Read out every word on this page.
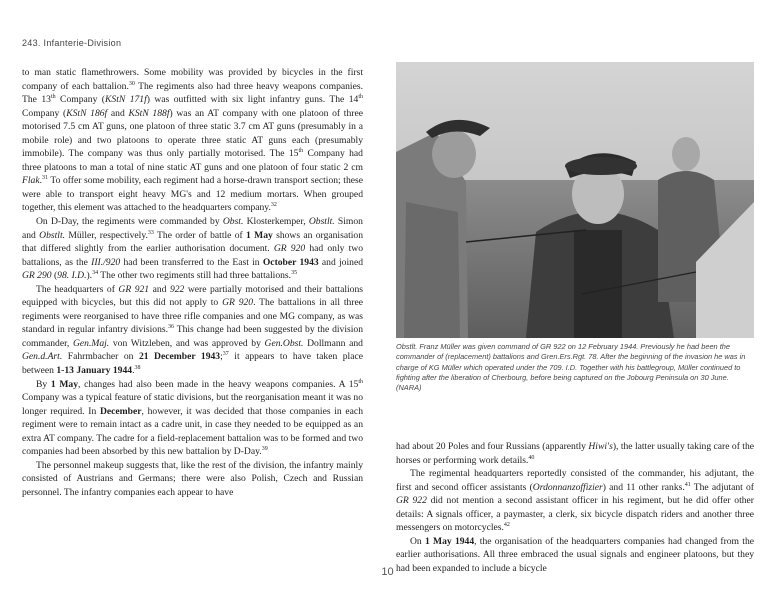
243. Infanterie-Division

to man static flamethrowers. Some mobility was provided by bicycles in the first company of each battalion.$^{30}$ The regiments also had three heavy weapons companies. The 13th Company (KStN 171f) was outfitted with six light infantry guns. The 14th Company (KStN 186f and KStN 188f) was an AT company with one platoon of three motorised 7.5 cm AT guns, one platoon of three static 3.7 cm AT guns (presumably in a mobile role) and two platoons to operate three static AT guns each (presumably immobile). The company was thus only partially motorised. The 15th Company had three platoons to man a total of nine static AT guns and one platoon of four static 2 cm Flak.$^{31}$ To offer some mobility, each regiment had a horse-drawn transport section; these were able to transport eight heavy MG's and 12 medium mortars. When grouped together, this element was attached to the headquarters company.$^{32}$

On D-Day, the regiments were commanded by Obst. Klosterkemper, Obstlt. Simon and Obstlt. Müller, respectively.$^{33}$ The order of battle of 1 May shows an organisation that differed slightly from the earlier authorisation document. GR 920 had only two battalions, as the III./920 had been transferred to the East in October 1943 and joined GR 290 (98. I.D.).$^{34}$ The other two regiments still had three battalions.$^{35}$

The headquarters of GR 921 and 922 were partially motorised and their battalions equipped with bicycles, but this did not apply to GR 920. The battalions in all three regiments were reorganised to have three rifle companies and one MG company, as was standard in regular infantry divisions.$^{36}$ This change had been suggested by the division commander, Gen.Maj. von Witzleben, and was approved by Gen.Obst. Dollmann and Gen.d.Art. Fahrmbacher on 21 December 1943;$^{37}$ it appears to have taken place between 1-13 January 1944.38

By 1 May, changes had also been made in the heavy weapons companies. A 15th Company was a typical feature of static divisions, but the reorganisation meant it was no longer required. In December, however, it was decided that those companies in each regiment were to remain intact as a cadre unit, in case they needed to be equipped as an extra AT company. The cadre for a field-replacement battalion was to be formed and two companies had been absorbed by this new battalion by D-Day.$^{39}$

The personnel makeup suggests that, like the rest of the division, the infantry mainly consisted of Austrians and Germans; there were also Polish, Czech and Russian personnel. The infantry companies each appear to have

Obstlt. Franz Müller was given command of GR 922 on 12 February 1944. Previously he had been the commander of (replacement) battalions and Gren.Ers.Rgt. 78. After the beginning of the invasion he was in charge of KG Müller which operated under the 709. I.D. Together with his battlegroup, Müller continued to fighting after the liberation of Cherbourg, before being captured on the Jobourg Peninsula on 30 June. (NARA)

had about 20 Poles and four Russians (apparently Hiwi's), the latter usually taking care of the horses or performing work details.$^{40}$

The regimental headquarters reportedly consisted of the commander, his adjutant, the first and second officer assistants (Ordonnanzoffizier) and 11 other ranks.$^{41}$ The adjutant of GR 922 did not mention a second assistant officer in his regiment, but he did offer other details: A signals officer, a paymaster, a clerk, six bicycle dispatch riders and another three messengers on motorcycles.$^{42}$

On 1 May 1944, the organisation of the headquarters companies had changed from the earlier authorisations. All three embraced the usual signals and engineer platoons, but they had been expanded to include a bicycle

10
